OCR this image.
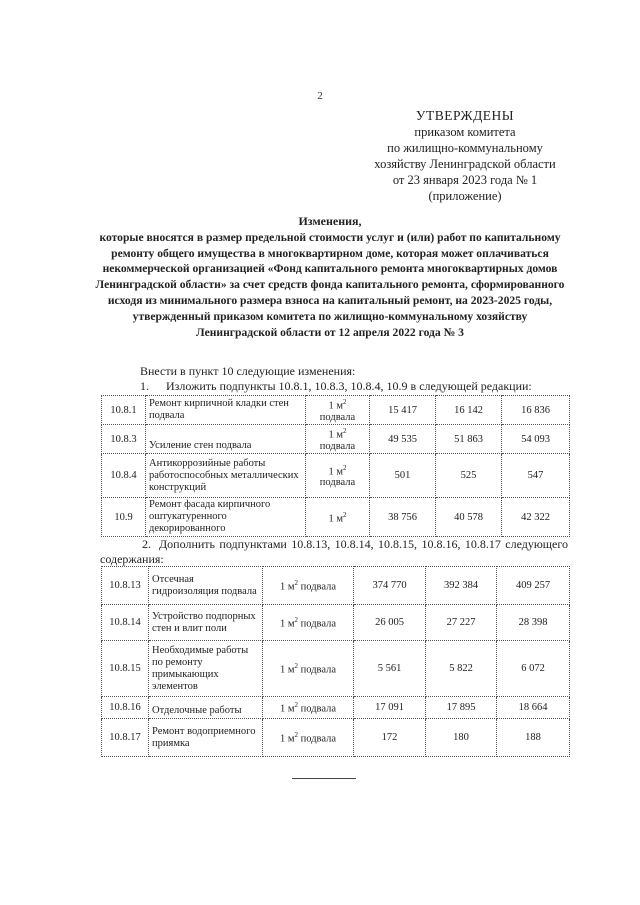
2
УТВЕРЖДЕНЫ
приказом комитета
по жилищно-коммунальному
хозяйству Ленинградской области
от 23 января 2023 года № 1
(приложение)
Изменения,
которые вносятся в размер предельной стоимости услуг и (или) работ по капитальному ремонту общего имущества в многоквартирном доме, которая может оплачиваться некоммерческой организацией «Фонд капитального ремонта многоквартирных домов Ленинградской области» за счет средств фонда капитального ремонта, сформированного исходя из минимального размера взноса на капитальный ремонт, на 2023-2025 годы, утвержденный приказом комитета по жилищно-коммунальному хозяйству Ленинградской области от 12 апреля 2022 года № 3
Внести в пункт 10 следующие изменения:
1. Изложить подпункты 10.8.1, 10.8.3, 10.8.4, 10.9 в следующей редакции:
10.8.1	Ремонт кирпичной кладки стен подвала	1 $м^2$
подвала	15 417	16 142	16 836
10.8.3	Усиление стен подвала	1 $м^2$
подвала	49 535	51 863	54 093
10.8.4	Антикоррозийные работы работоспособных металлических конструкций	1 $м^2$
подвала	501	525	547
10.9	Ремонт фасада кирпичного оштукатуренного декорированного	1 $м^2$	38 756	40 578	42 322
2. Дополнить подпунктами 10.8.13, 10.8.14, 10.8.15, 10.8.16, 10.8.17 следующего содержания:
10.8.13	Отсечная гидроизоляция подвала	1 $м^2$ подвала	374 770	392 384	409 257
10.8.14	Устройство подпорных стен и влит поли	1 $м^2$ подвала	26 005	27 227	28 398
10.8.15	Необходимые работы по ремонту примыкающих элементов	1 $м^2$ подвала	5 561	5 822	6 072
10.8.16	Отделочные работы	1 $м^2$ подвала	17 091	17 895	18 664
10.8.17	Ремонт водоприемного приямка	1 $м^2$ подвала	172	180	188
